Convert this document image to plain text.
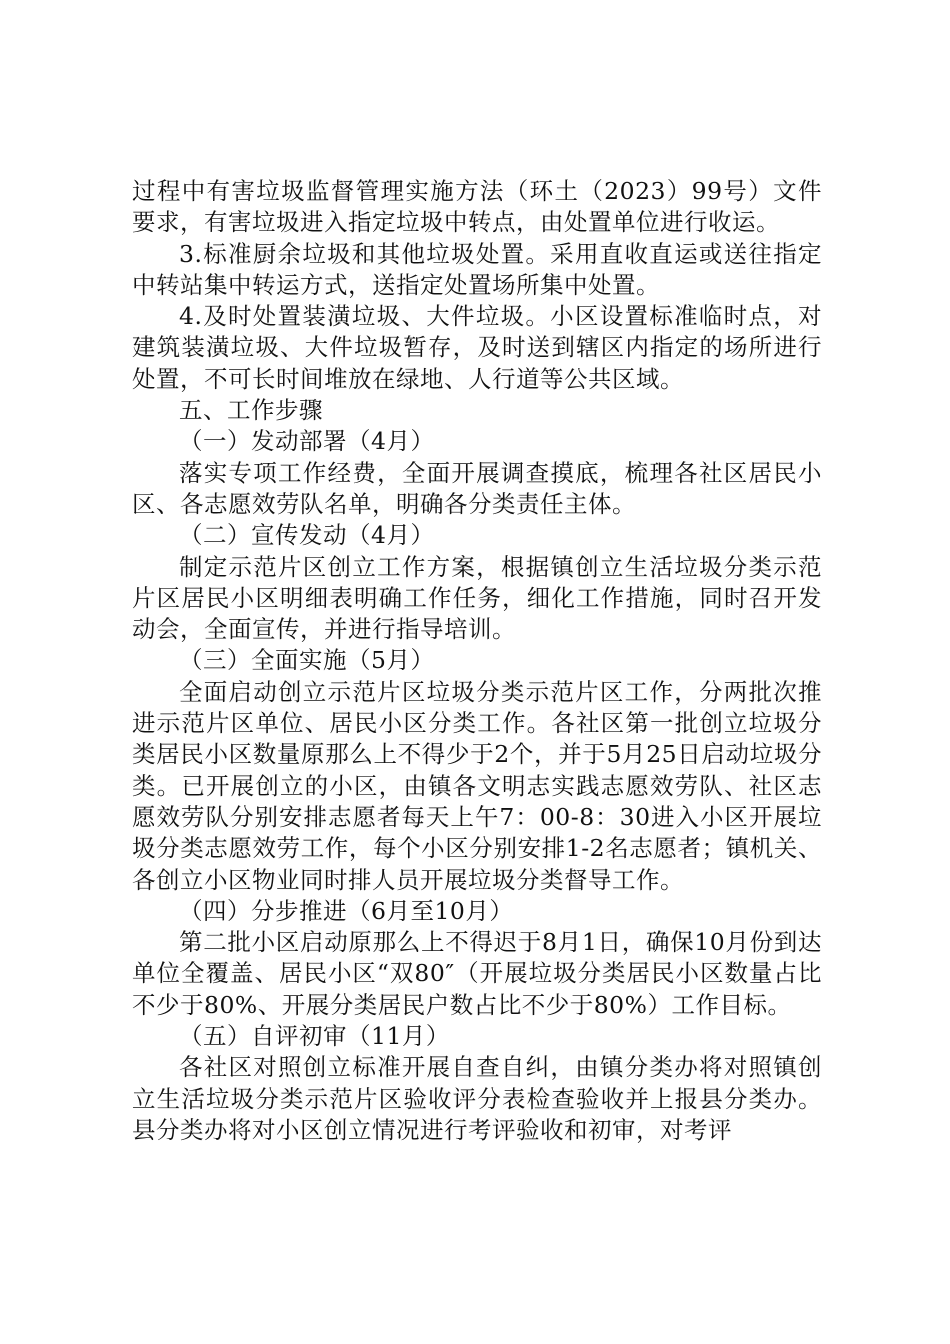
过程中有害垃圾监督管理实施方法（环土（2023）99号）文件要求，有害垃圾进入指定垃圾中转点，由处置单位进行收运。

3.标准厨余垃圾和其他垃圾处置。采用直收直运或送往指定中转站集中转运方式，送指定处置场所集中处置。

4.及时处置装潢垃圾、大件垃圾。小区设置标准临时点，对建筑装潢垃圾、大件垃圾暂存，及时送到辖区内指定的场所进行处置，不可长时间堆放在绿地、人行道等公共区域。

五、工作步骤

（一）发动部署（4月）

落实专项工作经费，全面开展调查摸底，梳理各社区居民小区、各志愿效劳队名单，明确各分类责任主体。

（二）宣传发动（4月）

制定示范片区创立工作方案，根据镇创立生活垃圾分类示范片区居民小区明细表明确工作任务，细化工作措施，同时召开发动会，全面宣传，并进行指导培训。

（三）全面实施（5月）

全面启动创立示范片区垃圾分类示范片区工作，分两批次推进示范片区单位、居民小区分类工作。各社区第一批创立垃圾分类居民小区数量原那么上不得少于2个，并于5月25日启动垃圾分类。已开展创立的小区，由镇各文明志实践志愿效劳队、社区志愿效劳队分别安排志愿者每天上午7：00-8：30进入小区开展垃圾分类志愿效劳工作，每个小区分别安排1-2名志愿者；镇机关、各创立小区物业同时排人员开展垃圾分类督导工作。

（四）分步推进（6月至10月）

第二批小区启动原那么上不得迟于8月1日，确保10月份到达单位全覆盖、居民小区“双80″（开展垃圾分类居民小区数量占比不少于80%、开展分类居民户数占比不少于80%）工作目标。

（五）自评初审（11月）

各社区对照创立标准开展自查自纠，由镇分类办将对照镇创立生活垃圾分类示范片区验收评分表检查验收并上报县分类办。县分类办将对小区创立情况进行考评验收和初审，对考评
